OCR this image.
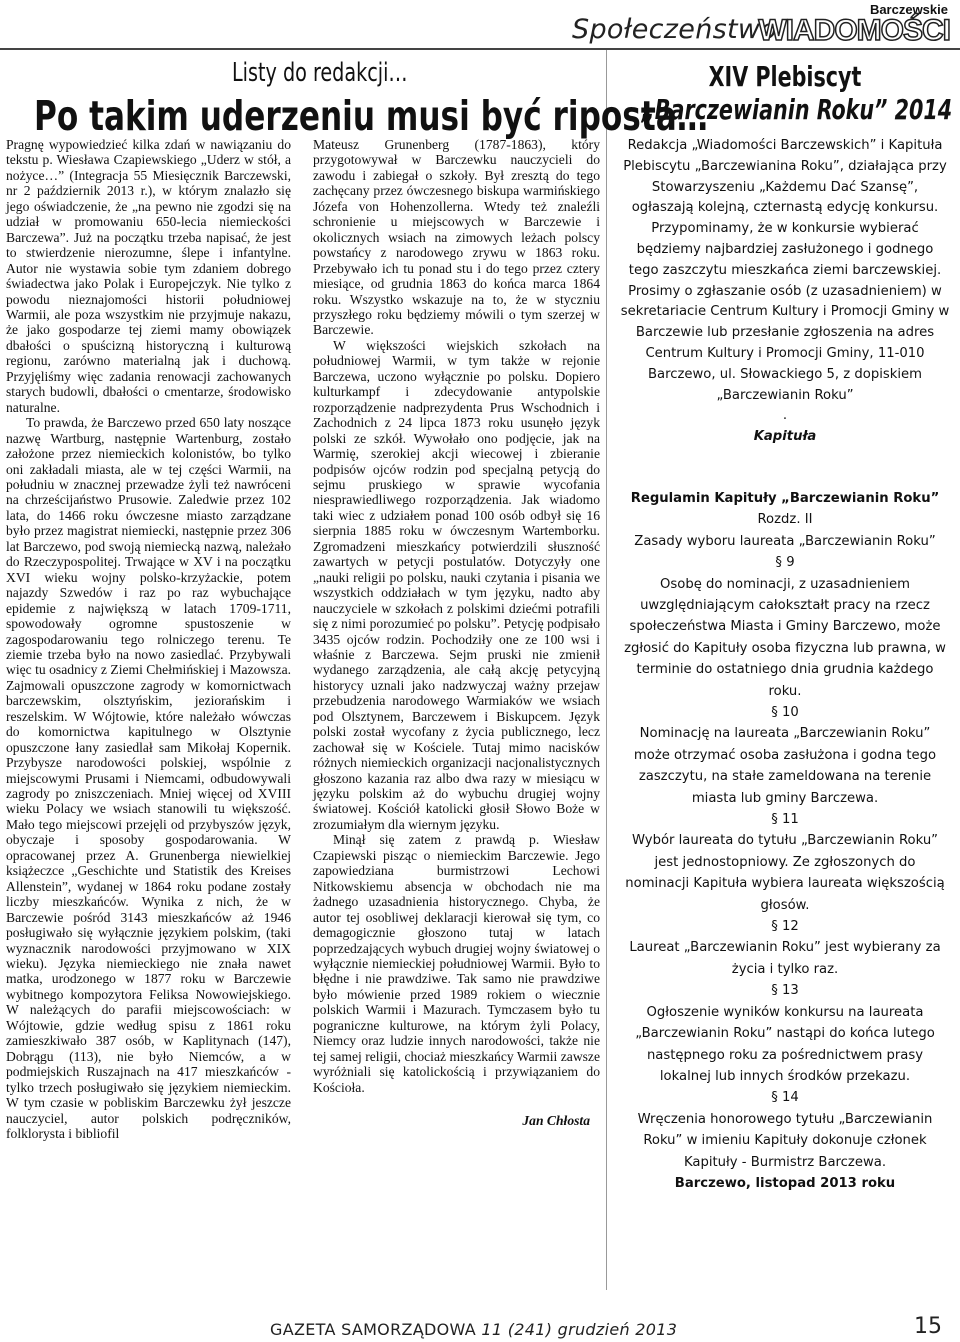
Społeczeństwo
Barczewskie
WIADOMOŚCI
Listy do redakcji…
Po takim uderzeniu musi być riposta…

Pragnę wypowiedzieć kilka zdań w nawiązaniu do tekstu p. Wiesława Czapiewskiego „Uderz w stół, a nożyce…” (Integracja 55 Miesięcznik Barczewski, nr 2 październik 2013 r.), w którym znalazło się jego oświadczenie, że „na pewno nie zgodzi się na udział w promowaniu 650-lecia niemieckości Barczewa”. Już na początku trzeba napisać, że jest to stwierdzenie nierozumne, ślepe i infantylne. Autor nie wystawia sobie tym zdaniem dobrego świadectwa jako Polak i Europejczyk. Nie tylko z powodu nieznajomości historii południowej Warmii, ale poza wszystkim nie przyjmuje nakazu, że jako gospodarze tej ziemi mamy obowiązek dbałości o spuścizną historyczną i kulturową regionu, zarówno materialną jak i duchową. Przyjęliśmy więc zadania renowacji zachowanych starych budowli, dbałości o cmentarze, środowisko naturalne.

To prawda, że Barczewo przed 650 laty noszące nazwę Wartburg, następnie Wartenburg, zostało założone przez niemieckich kolonistów, bo tylko oni zakładali miasta, ale w tej części Warmii, na południu w znacznej przewadze żyli też nawróceni na chrześcijaństwo Prusowie. Zaledwie przez 102 lata, do 1466 roku ówczesne miasto zarządzane było przez magistrat niemiecki, następnie przez 306 lat Barczewo, pod swoją niemiecką nazwą, należało do Rzeczypospolitej. Trwające w XV i na początku XVI wieku wojny polsko-krzyżackie, potem najazdy Szwedów i raz po raz wybuchające epidemie z największą w latach 1709-1711, spowodowały ogromne spustoszenie w zagospodarowaniu tego rolniczego terenu. Te ziemie trzeba było na nowo zasiedlać. Przybywali więc tu osadnicy z Ziemi Chełmińskiej i Mazowsza. Zajmowali opuszczone zagrody w komornictwach barczewskim, olsztyńskim, jeziorańskim i reszelskim. W Wójtowie, które należało wówczas do komornictwa kapitulnego w Olsztynie opuszczone łany zasiedlał sam Mikołaj Kopernik. Przybysze narodowości polskiej, wspólnie z miejscowymi Prusami i Niemcami, odbudowywali zagrody po zniszczeniach. Mniej więcej od XVIII wieku Polacy we wsiach stanowili tu większość. Mało tego miejscowi przejęli od przybyszów język, obyczaje i sposoby gospodarowania. W opracowanej przez A. Grunenberga niewielkiej książeczce „Geschichte und Statistik des Kreises Allenstein”, wydanej w 1864 roku podane zostały liczby mieszkańców. Wynika z nich, że w Barczewie pośród 3143 mieszkańców aż 1946 posługiwało się wyłącznie językiem polskim, (taki wyznacznik narodowości przyjmowano w XIX wieku). Języka niemieckiego nie znała nawet matka, urodzonego w 1877 roku w Barczewie wybitnego kompozytora Feliksa Nowowiejskiego. W należących do parafii miejscowościach: w Wójtowie, gdzie według spisu z 1861 roku zamieszkiwało 387 osób, w Kaplitynach (147), Dobrągu (113), nie było Niemców, a w podmiejskich Ruszajnach na 417 mieszkańców - tylko trzech posługiwało się językiem niemieckim. W tym czasie w pobliskim Barczewku żył jeszcze nauczyciel, autor polskich podręczników, folklorysta i bibliofil

Mateusz Grunenberg (1787-1863), który przygotowywał w Barczewku nauczycieli do zawodu i zabiegał o szkoły. Był zresztą do tego zachęcany przez ówczesnego biskupa warmińskiego Józefa von Hohenzollerna. Wtedy też znaleźli schronienie u miejscowych w Barczewie i okolicznych wsiach na zimowych leżach polscy powstańcy z narodowego zrywu w 1863 roku. Przebywało ich tu ponad stu i do tego przez cztery miesiące, od grudnia 1863 do końca marca 1864 roku. Wszystko wskazuje na to, że w styczniu przyszłego roku będziemy mówili o tym szerzej w Barczewie.

W większości wiejskich szkołach na południowej Warmii, w tym także w rejonie Barczewa, uczono wyłącznie po polsku. Dopiero kulturkampf i zdecydowanie antypolskie rozporządzenie nadprezydenta Prus Wschodnich i Zachodnich z 24 lipca 1873 roku usunęło język polski ze szkół. Wywołało ono podjęcie, jak na Warmię, szerokiej akcji wiecowej i zbieranie podpisów ojców rodzin pod specjalną petycją do sejmu pruskiego w sprawie wycofania niesprawiedliwego rozporządzenia. Jak wiadomo taki wiec z udziałem ponad 100 osób odbył się 16 sierpnia 1885 roku w ówczesnym Wartemborku. Zgromadzeni mieszkańcy potwierdzili słuszność zawartych w petycji postulatów. Dotyczyły one „nauki religii po polsku, nauki czytania i pisania we wszystkich oddziałach w tym języku, nadto aby nauczyciele w szkołach z polskimi dziećmi potrafili się z nimi porozumieć po polsku”. Petycję podpisało 3435 ojców rodzin. Pochodziły one ze 100 wsi i właśnie z Barczewa. Sejm pruski nie zmienił wydanego zarządzenia, ale całą akcję petycyjną historycy uznali jako nadzwyczaj ważny przejaw przebudzenia narodowego Warmiaków we wsiach pod Olsztynem, Barczewem i Biskupcem. Język polski został wycofany z życia publicznego, lecz zachował się w Kościele. Tutaj mimo nacisków różnych niemieckich organizacji nacjonalistycznych głoszono kazania raz albo dwa razy w miesiącu w języku polskim aż do wybuchu drugiej wojny światowej. Kościół katolicki głosił Słowo Boże w zrozumiałym dla wiernym języku.

Minął się zatem z prawdą p. Wiesław Czapiewski pisząc o niemieckim Barczewie. Jego zapowiedziana burmistrzowi Lechowi Nitkowskiemu absencja w obchodach nie ma żadnego uzasadnienia historycznego. Chyba, że autor tej osobliwej deklaracji kierował się tym, co demagogicznie głoszono tutaj w latach poprzedzających wybuch drugiej wojny światowej o wyłącznie niemieckiej południowej Warmii. Było to błędne i nie prawdziwe. Tak samo nie prawdziwe było mówienie przed 1989 rokiem o wiecznie polskich Warmii i Mazurach. Tymczasem było tu pograniczne kulturowe, na którym żyli Polacy, Niemcy oraz ludzie innych narodowości, także nie tej samej religii, chociaż mieszkańcy Warmii zawsze wyróżniali się katolickością i przywiązaniem do Kościoła.

Jan Chłosta

XIV Plebiscyt

„Barczewianin Roku” 2014

Redakcja „Wiadomości Barczewskich” i Kapituła Plebiscytu „Barczewianina Roku”, działająca przy Stowarzyszeniu „Każdemu Dać Szansę”, ogłaszają kolejną, czternastą edycję konkursu. Przypominamy, że w konkursie wybierać będziemy najbardziej zasłużonego i godnego tego zaszczytu mieszkańca ziemi barczewskiej. Prosimy o zgłaszanie osób (z uzasadnieniem) w sekretariacie Centrum Kultury i Promocji Gminy w Barczewie lub przesłanie zgłoszenia na adres Centrum Kultury i Promocji Gminy, 11-010 Barczewo, ul. Słowackiego 5, z dopiskiem „Barczewianin Roku”

.

Kapituła

Regulamin Kapituły „Barczewianin Roku”

Rozdz. II

Zasady wyboru laureata „Barczewianin Roku”

§ 9

Osobę do nominacji, z uzasadnieniem uwzględniającym całokształt pracy na rzecz społeczeństwa Miasta i Gminy Barczewo, może zgłosić do Kapituły osoba fizyczna lub prawna, w terminie do ostatniego dnia grudnia każdego roku.

§ 10

Nominację na laureata „Barczewianin Roku” może otrzymać osoba zasłużona i godna tego zaszczytu, na stałe zameldowana na terenie miasta lub gminy Barczewa.

§ 11

Wybór laureata do tytułu „Barczewianin Roku” jest jednostopniowy. Ze zgłoszonych do nominacji Kapituła wybiera laureata większością głosów.

§ 12

Laureat „Barczewianin Roku” jest wybierany za życia i tylko raz.

§ 13

Ogłoszenie wyników konkursu na laureata „Barczewianin Roku” nastąpi do końca lutego następnego roku za pośrednictwem prasy lokalnej lub innych środków przekazu.

§ 14

Wręczenia honorowego tytułu „Barczewianin Roku” w imieniu Kapituły dokonuje członek Kapituły - Burmistrz Barczewa.

Barczewo, listopad 2013 roku

GAZETA SAMORZĄDOWA 11 (241) grudzień 2013	15
